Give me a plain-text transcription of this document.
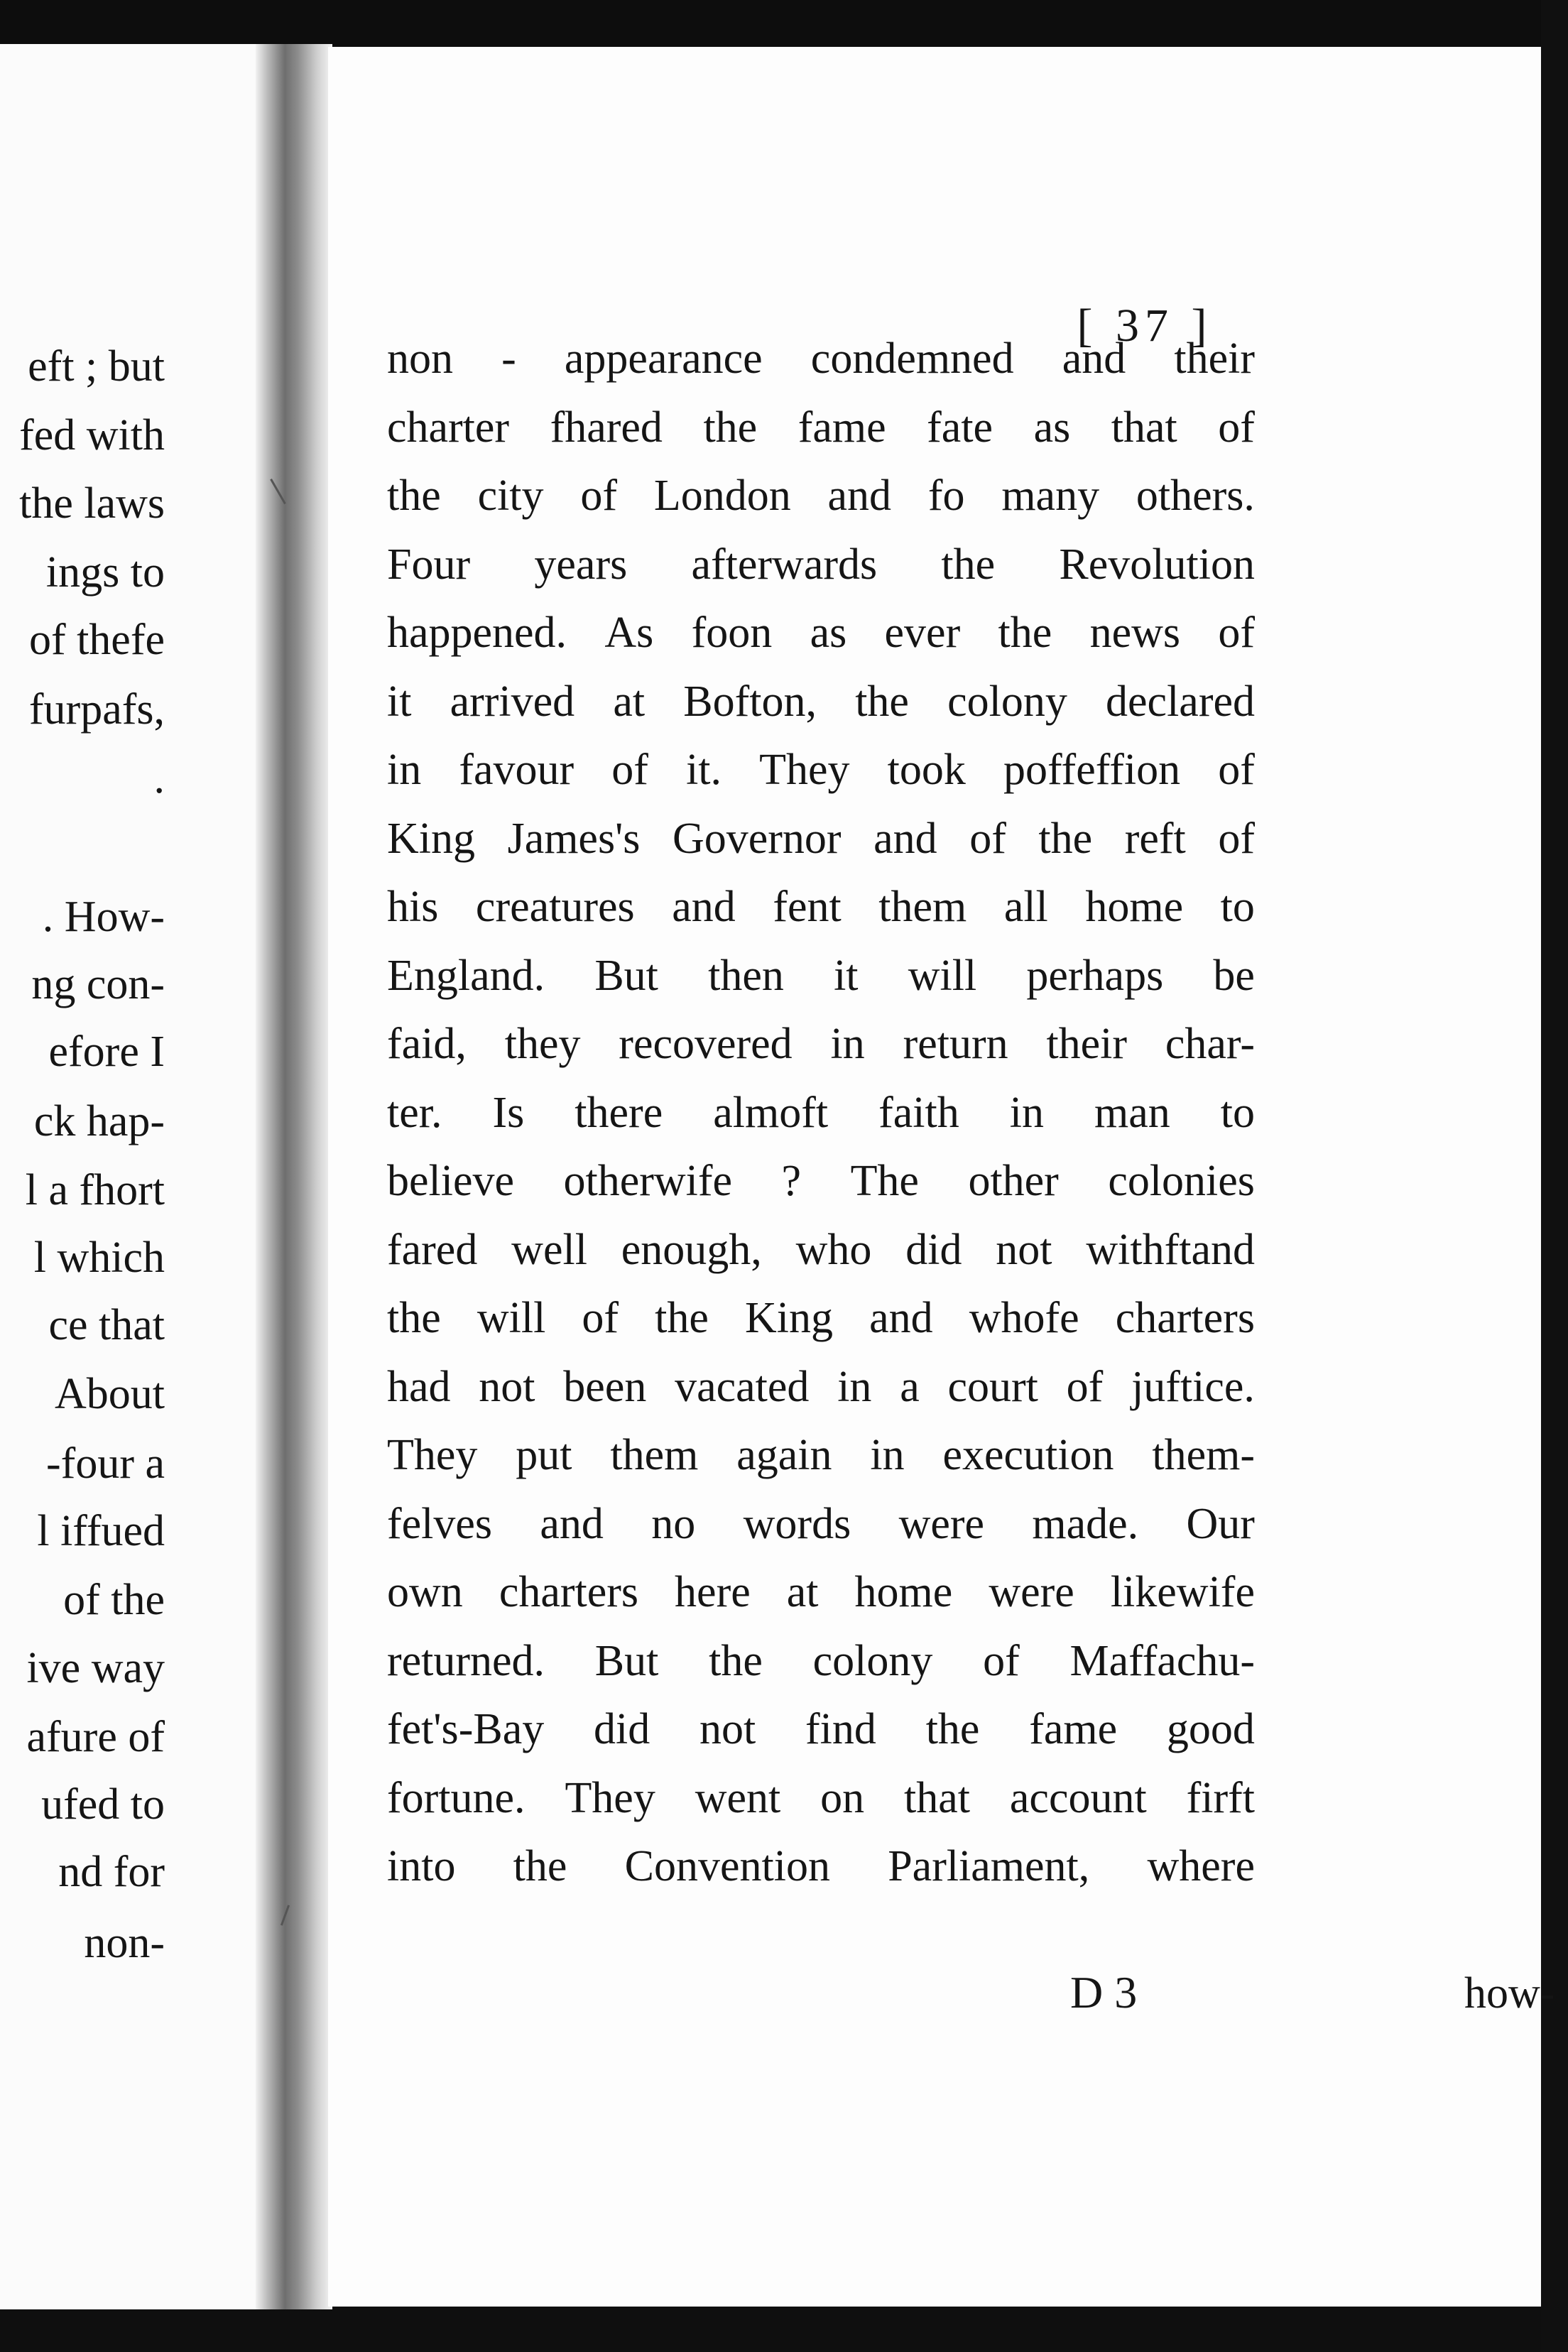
eft ; but
fed with
the laws
ings to
of thefe
furpafs,
.
. How-
ng con-
efore I
ck hap-
l a fhort
l which
ce that
About
-four a
l iffued
of the
ive way
afure of
ufed to
nd for
non-
[ 37 ]
non - appearance condemned and their
charter fhared the fame fate as that of
the city of London and fo many others.
Four years afterwards the Revolution
happened. As foon as ever the news of
it arrived at Bofton, the colony declared
in favour of it. They took poffeffion of
King James's Governor and of the reft of
his creatures and fent them all home to
England. But then it will perhaps be
faid, they recovered in return their char-
ter. Is there almoft faith in man to
believe otherwife ? The other colonies
fared well enough, who did not withftand
the will of the King and whofe charters
had not been vacated in a court of juftice.
They put them again in execution them-
felves and no words were made. Our
own charters here at home were likewife
returned. But the colony of Maffachu-
fet's-Bay did not find the fame good
fortune. They went on that account firft
into the Convention Parliament, where
D 3	how-
